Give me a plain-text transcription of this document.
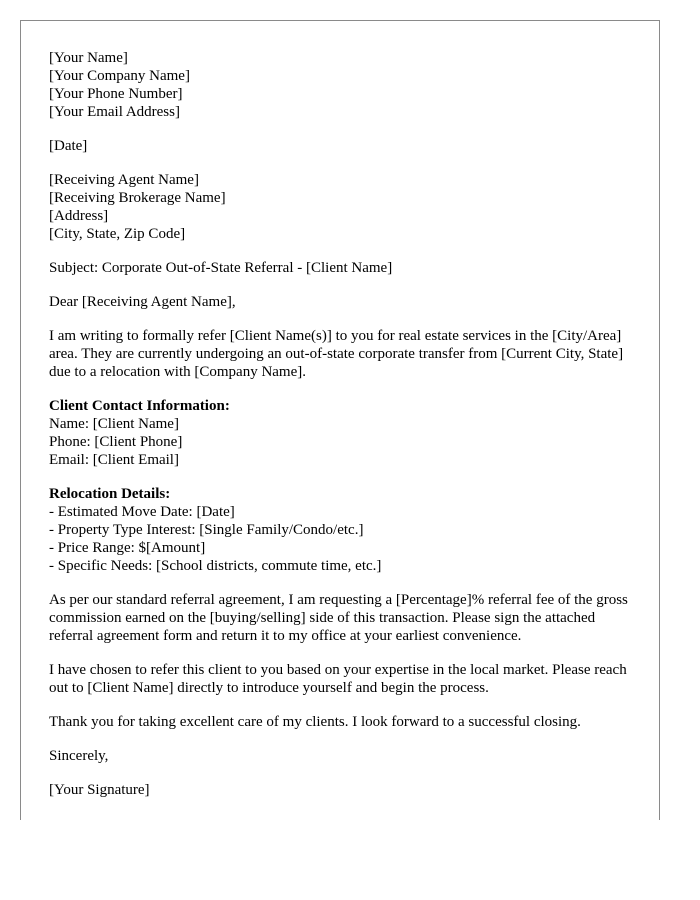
[Your Name]
[Your Company Name]
[Your Phone Number]
[Your Email Address]
[Date]
[Receiving Agent Name]
[Receiving Brokerage Name]
[Address]
[City, State, Zip Code]
Subject: Corporate Out-of-State Referral - [Client Name]
Dear [Receiving Agent Name],
I am writing to formally refer [Client Name(s)] to you for real estate services in the [City/Area] area. They are currently undergoing an out-of-state corporate transfer from [Current City, State] due to a relocation with [Company Name].
Client Contact Information:
Name: [Client Name]
Phone: [Client Phone]
Email: [Client Email]
Relocation Details:
- Estimated Move Date: [Date]
- Property Type Interest: [Single Family/Condo/etc.]
- Price Range: $[Amount]
- Specific Needs: [School districts, commute time, etc.]
As per our standard referral agreement, I am requesting a [Percentage]% referral fee of the gross commission earned on the [buying/selling] side of this transaction. Please sign the attached referral agreement form and return it to my office at your earliest convenience.
I have chosen to refer this client to you based on your expertise in the local market. Please reach out to [Client Name] directly to introduce yourself and begin the process.
Thank you for taking excellent care of my clients. I look forward to a successful closing.
Sincerely,
[Your Signature]
